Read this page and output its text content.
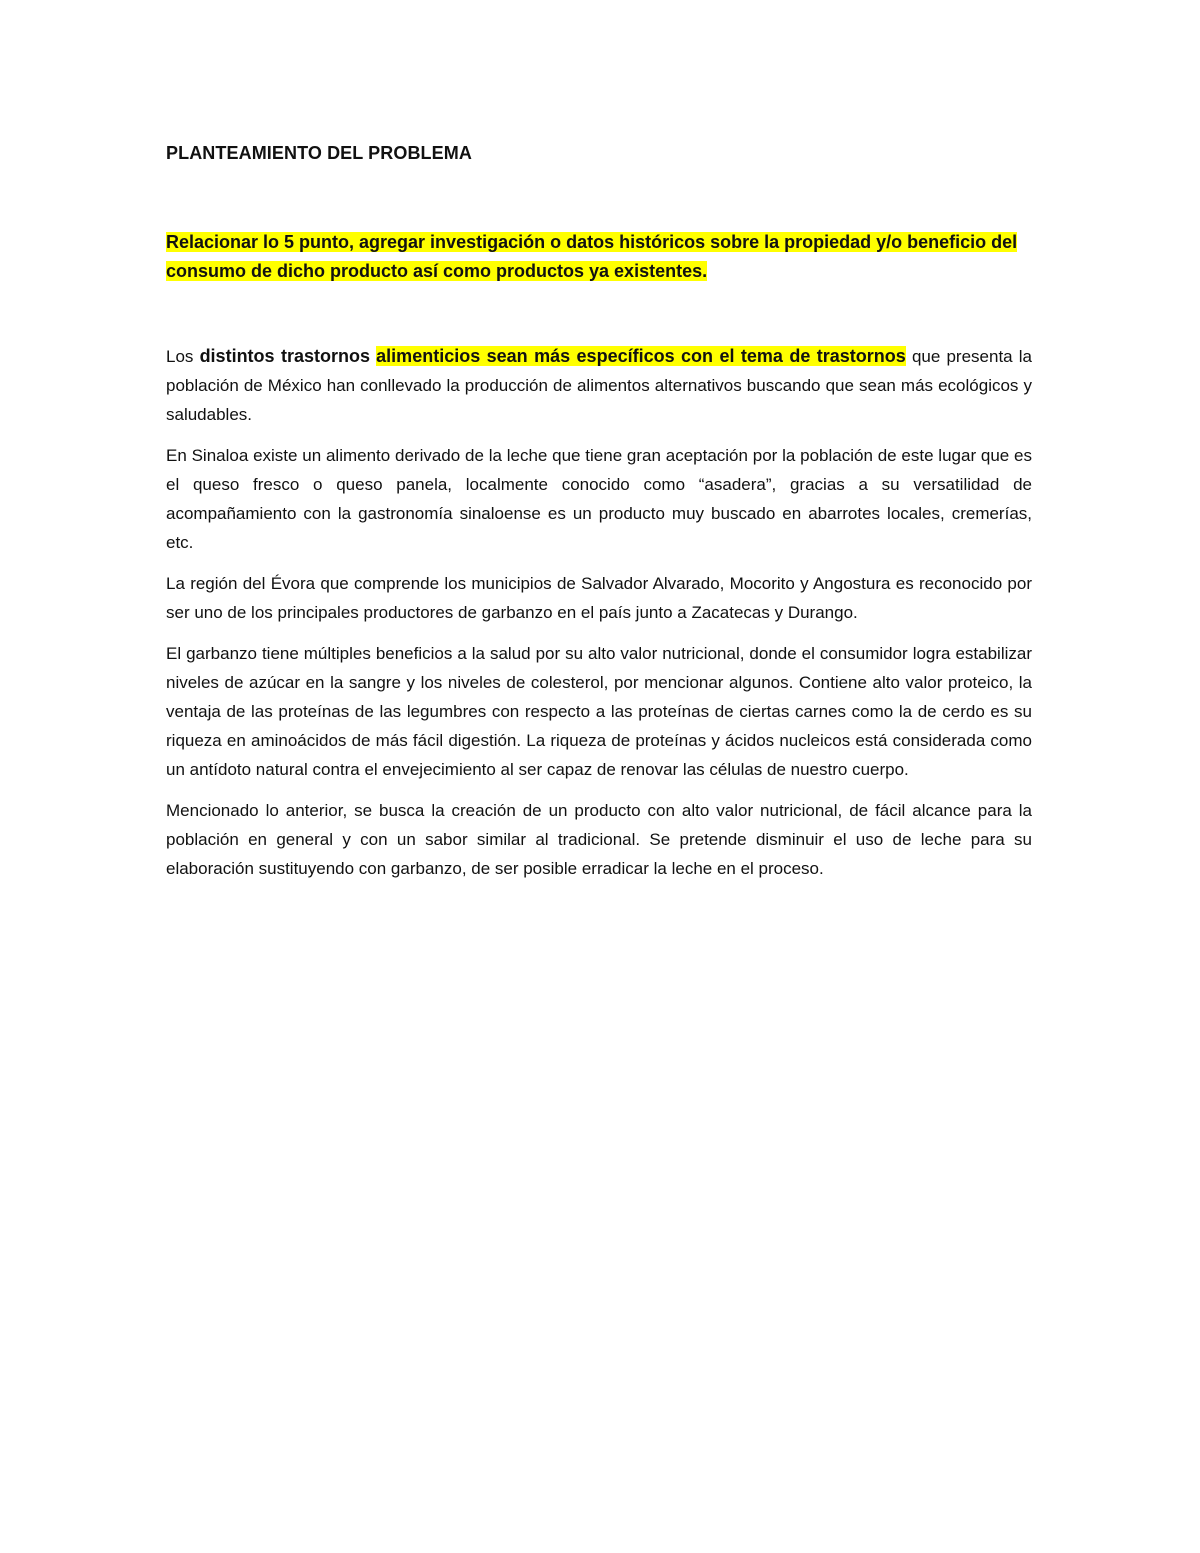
PLANTEAMIENTO DEL PROBLEMA
Relacionar lo 5 punto, agregar investigación o datos históricos sobre la propiedad y/o beneficio del consumo de dicho producto así como productos ya existentes.

Los distintos trastornos alimenticios sean más específicos con el tema de trastornos que presenta la población de México han conllevado la producción de alimentos alternativos buscando que sean más ecológicos y saludables.

En Sinaloa existe un alimento derivado de la leche que tiene gran aceptación por la población de este lugar que es el queso fresco o queso panela, localmente conocido como “asadera”, gracias a su versatilidad de acompañamiento con la gastronomía sinaloense es un producto muy buscado en abarrotes locales, cremerías, etc.

La región del Évora que comprende los municipios de Salvador Alvarado, Mocorito y Angostura es reconocido por ser uno de los principales productores de garbanzo en el país junto a Zacatecas y Durango.

El garbanzo tiene múltiples beneficios a la salud por su alto valor nutricional, donde el consumidor logra estabilizar niveles de azúcar en la sangre y los niveles de colesterol, por mencionar algunos. Contiene alto valor proteico, la ventaja de las proteínas de las legumbres con respecto a las proteínas de ciertas carnes como la de cerdo es su riqueza en aminoácidos de más fácil digestión. La riqueza de proteínas y ácidos nucleicos está considerada como un antídoto natural contra el envejecimiento al ser capaz de renovar las células de nuestro cuerpo.

Mencionado lo anterior, se busca la creación de un producto con alto valor nutricional, de fácil alcance para la población en general y con un sabor similar al tradicional. Se pretende disminuir el uso de leche para su elaboración sustituyendo con garbanzo, de ser posible erradicar la leche en el proceso.
